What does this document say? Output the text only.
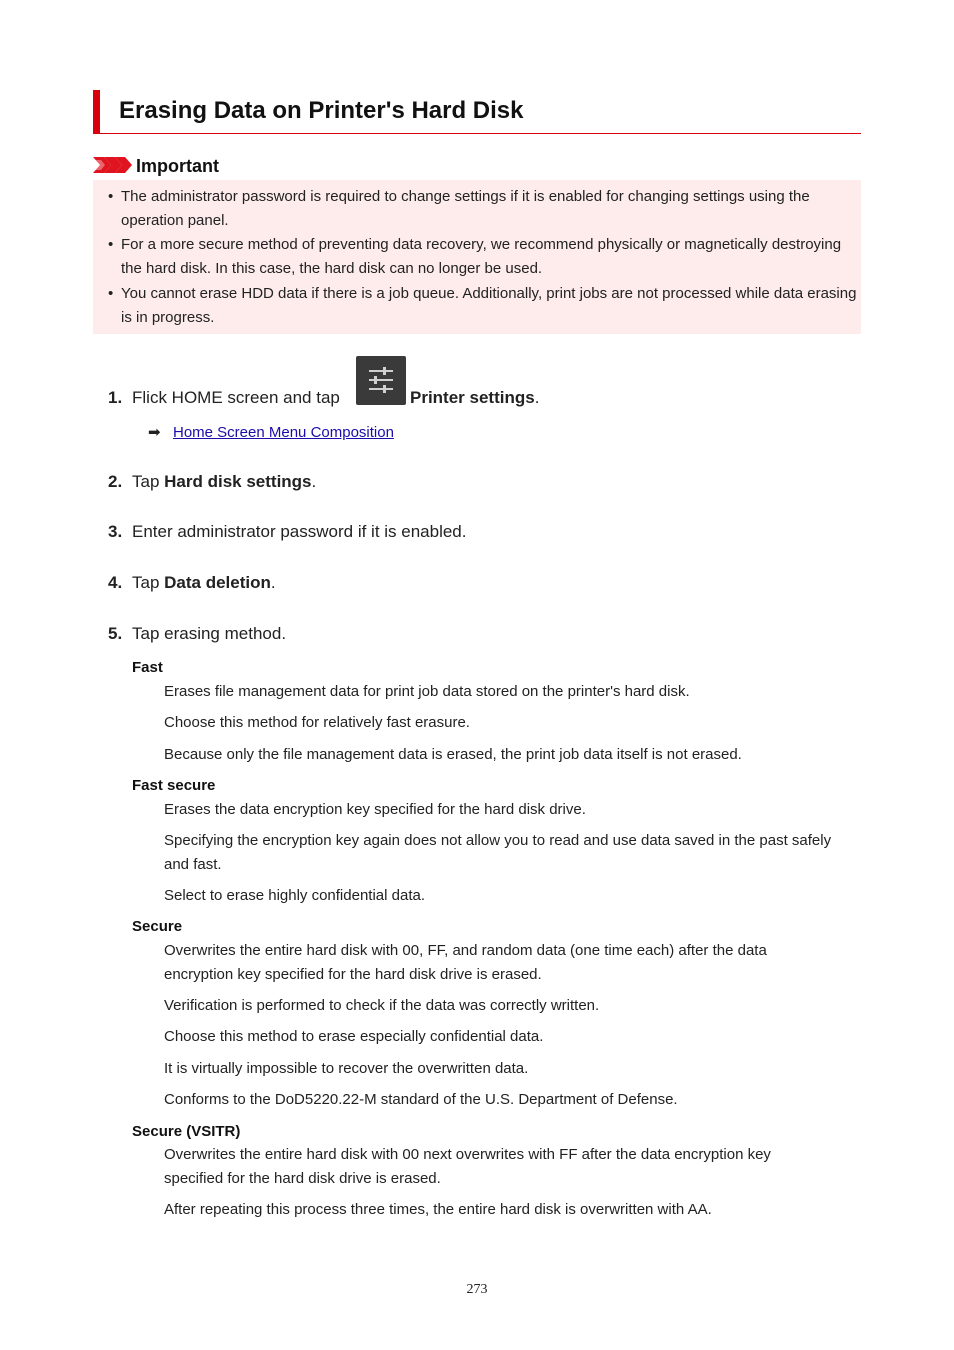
Erasing Data on Printer's Hard Disk
Important
• The administrator password is required to change settings if it is enabled for changing settings using the operation panel.
• For a more secure method of preventing data recovery, we recommend physically or magnetically destroying the hard disk. In this case, the hard disk can no longer be used.
• You cannot erase HDD data if there is a job queue. Additionally, print jobs are not processed while data erasing is in progress.
1. Flick HOME screen and tap	Printer settings.
➡ Home Screen Menu Composition
2. Tap Hard disk settings.
3. Enter administrator password if it is enabled.
4. Tap Data deletion.
5. Tap erasing method.
Fast
Erases file management data for print job data stored on the printer's hard disk.
Choose this method for relatively fast erasure.
Because only the file management data is erased, the print job data itself is not erased.
Fast secure
Erases the data encryption key specified for the hard disk drive.
Specifying the encryption key again does not allow you to read and use data saved in the past safely and fast.
Select to erase highly confidential data.
Secure
Overwrites the entire hard disk with 00, FF, and random data (one time each) after the data encryption key specified for the hard disk drive is erased.
Verification is performed to check if the data was correctly written.
Choose this method to erase especially confidential data.
It is virtually impossible to recover the overwritten data.
Conforms to the DoD5220.22-M standard of the U.S. Department of Defense.
Secure (VSITR)
Overwrites the entire hard disk with 00 next overwrites with FF after the data encryption key specified for the hard disk drive is erased.
After repeating this process three times, the entire hard disk is overwritten with AA.
273
